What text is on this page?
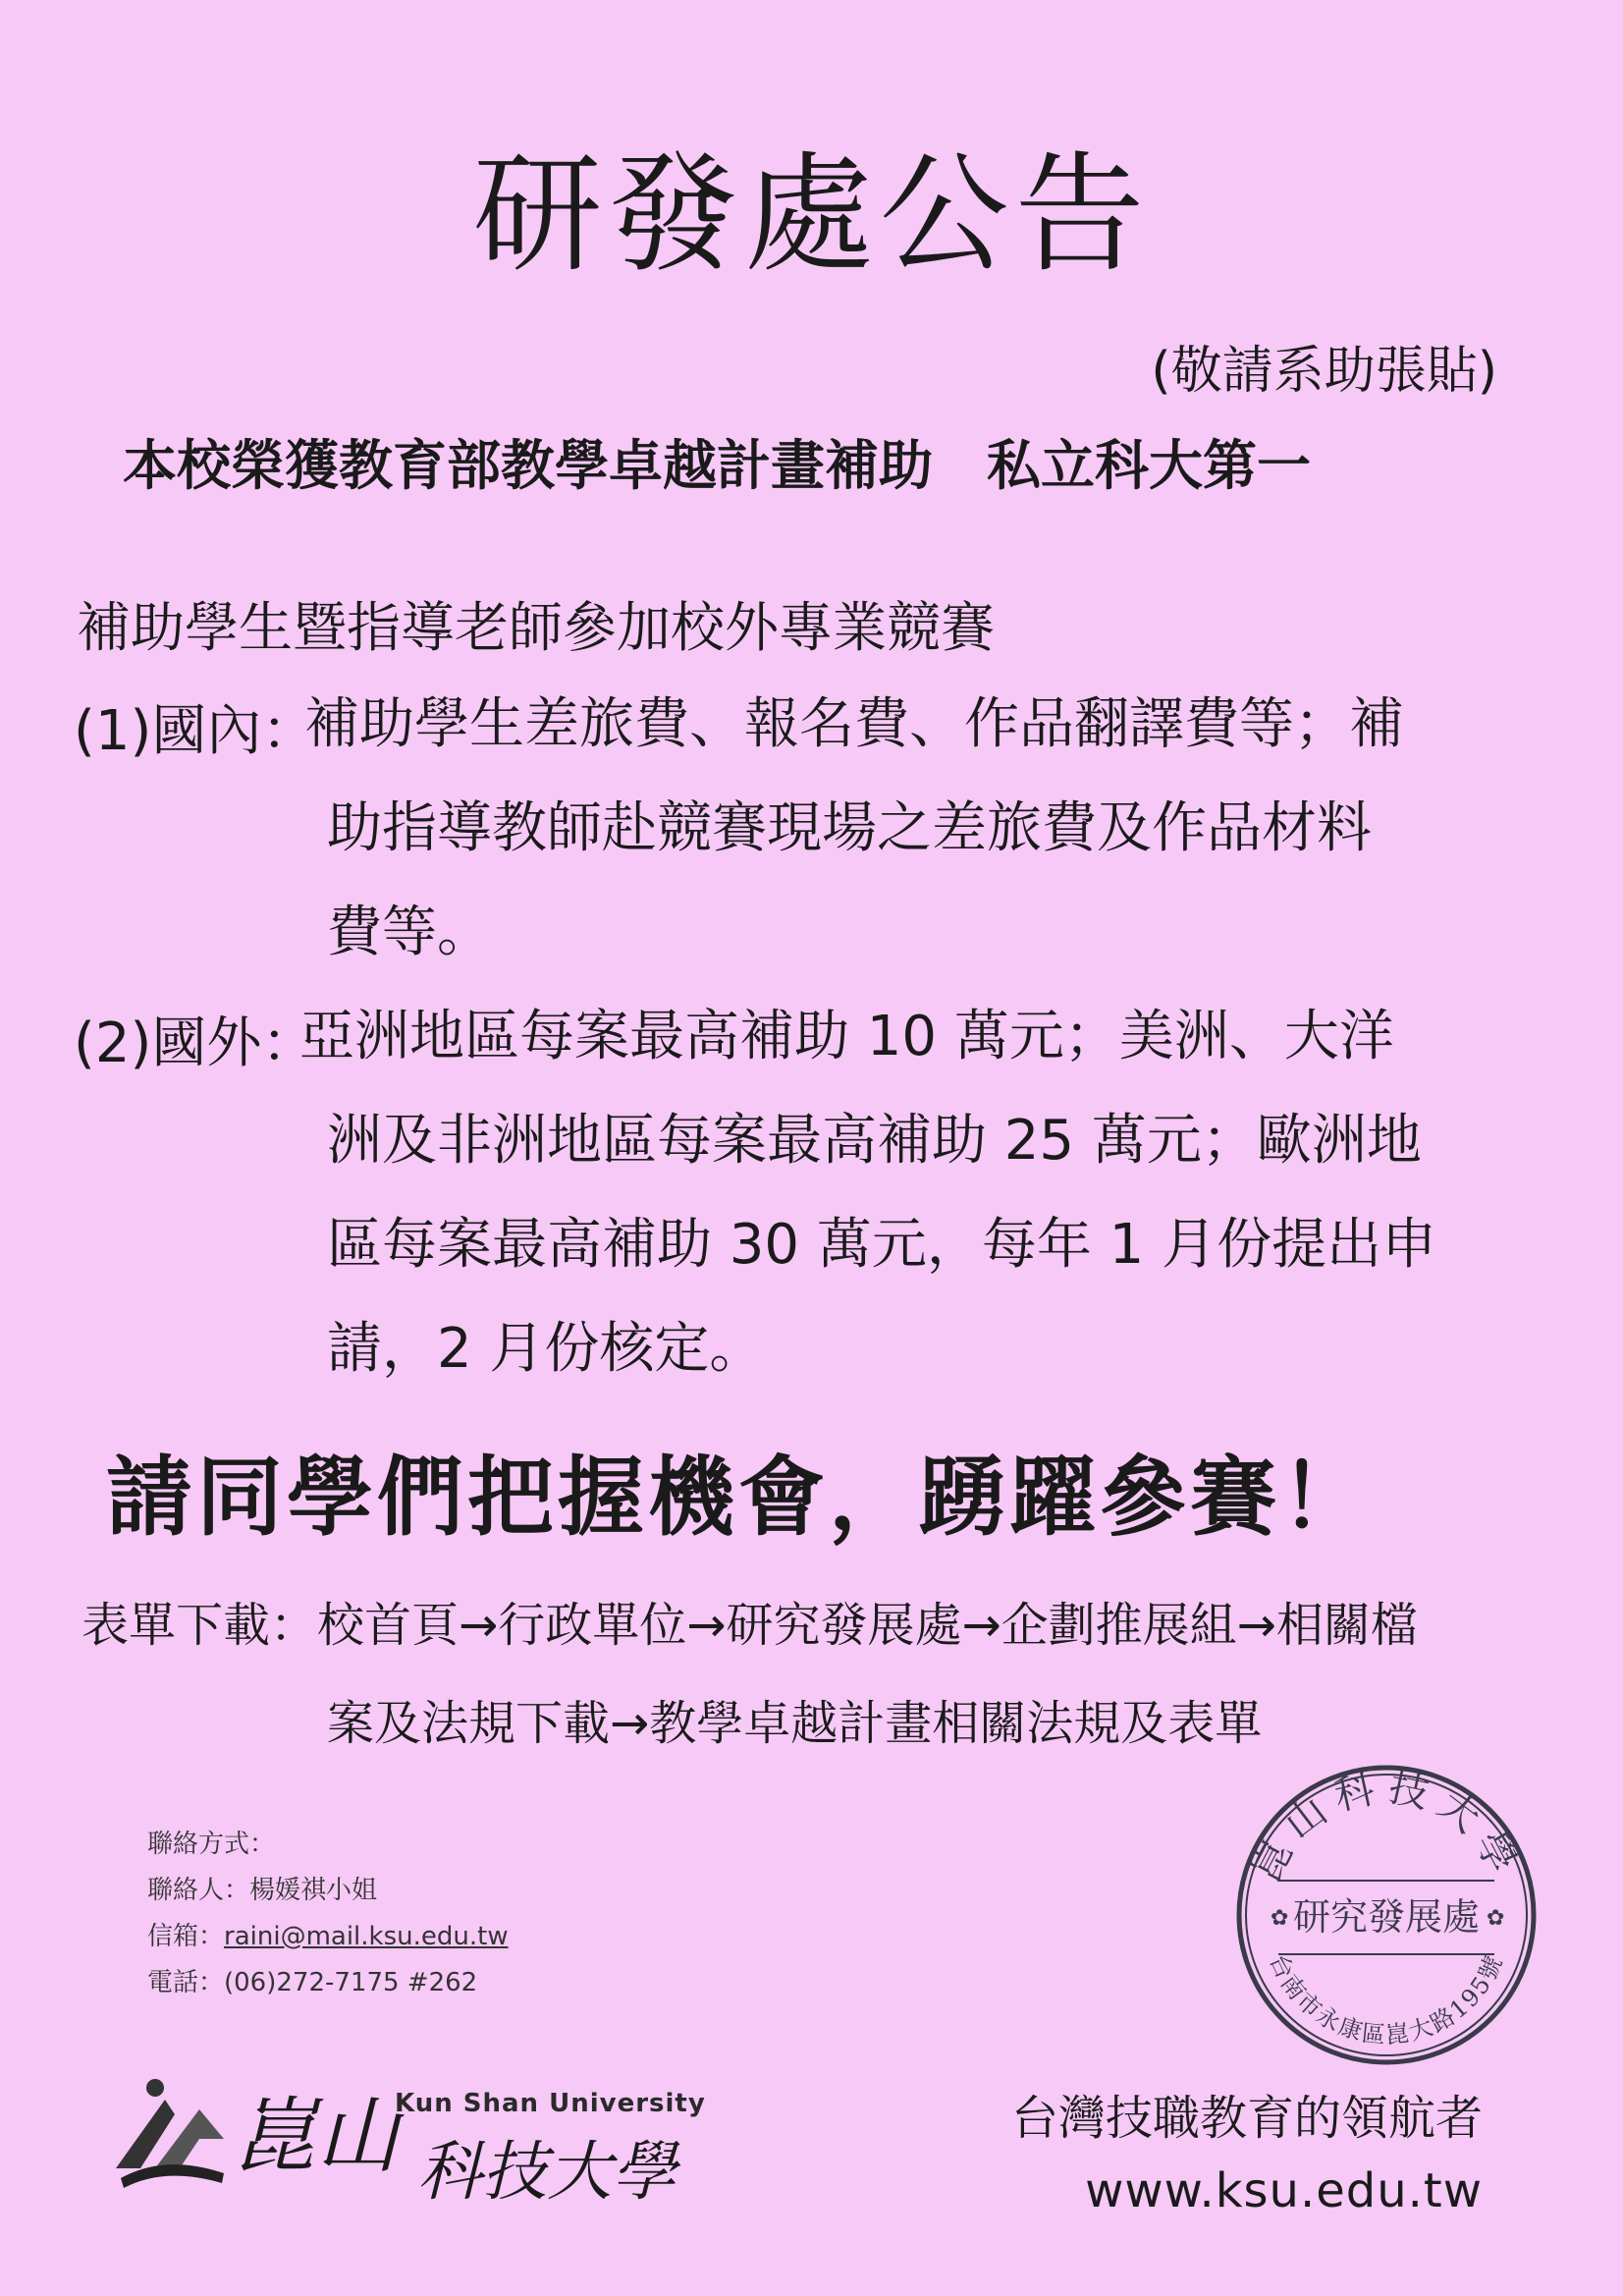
研發處公告
(敬請系助張貼)
本校榮獲教育部教學卓越計畫補助　私立科大第一
補助學生暨指導老師參加校外專業競賽
(1)國內：
補助學生差旅費、報名費、作品翻譯費等；補
助指導教師赴競賽現場之差旅費及作品材料
費等。
(2)國外：
亞洲地區每案最高補助 10 萬元；美洲、大洋
洲及非洲地區每案最高補助 25 萬元；歐洲地
區每案最高補助 30 萬元，每年 1 月份提出申
請，2 月份核定。
請同學們把握機會，踴躍參賽！
表單下載：校首頁→行政單位→研究發展處→企劃推展組→相關檔
案及法規下載→教學卓越計畫相關法規及表單
聯絡方式：
聯絡人：楊媛祺小姐
信箱：raini@mail.ksu.edu.tw
電話：(06)272-7175 #262
崑山科技大學
台南市永康區崑大路195號
研究發展處
✿	✿
崑山 科技大學
Kun Shan University	台灣技職教育的領航者
www.ksu.edu.tw
